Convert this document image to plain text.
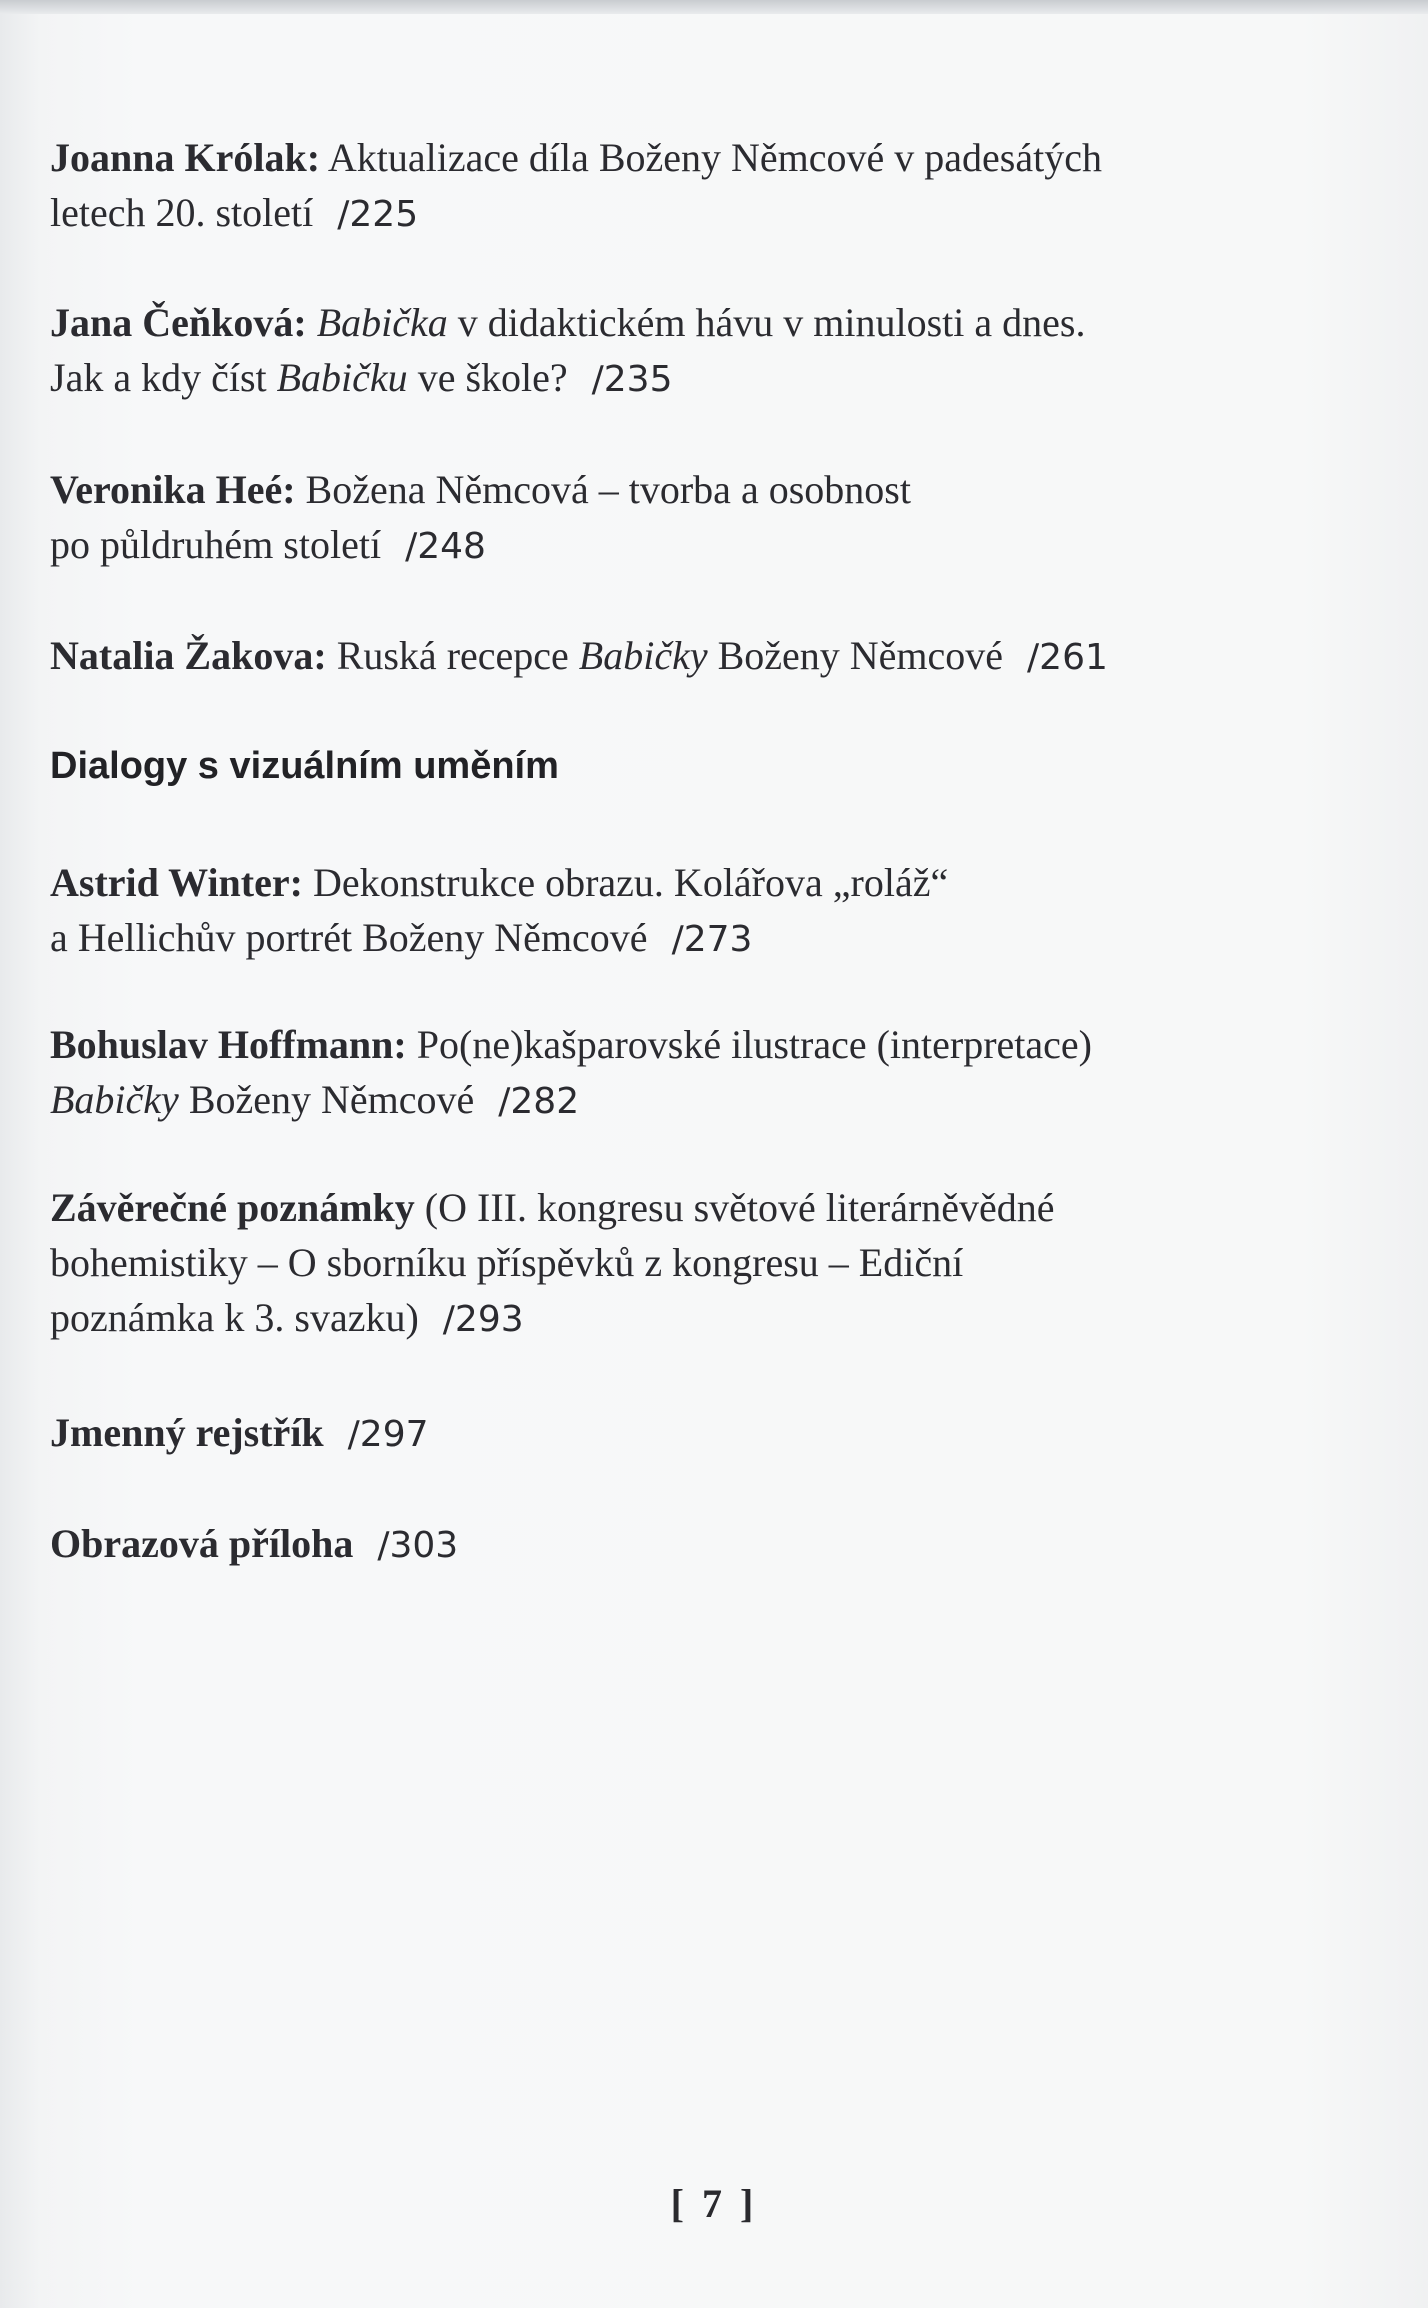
Joanna Królak: Aktualizace díla Boženy Němcové v padesátých
letech 20. století /225
Jana Čeňková: Babička v didaktickém hávu v minulosti a dnes.
Jak a kdy číst Babičku ve škole? /235
Veronika Heé: Božena Němcová – tvorba a osobnost
po půldruhém století /248
Natalia Žakova: Ruská recepce Babičky Boženy Němcové /261
Dialogy s vizuálním uměním
Astrid Winter: Dekonstrukce obrazu. Kolářova „roláž“
a Hellichův portrét Boženy Němcové /273
Bohuslav Hoffmann: Po(ne)kašparovské ilustrace (interpretace)
Babičky Boženy Němcové /282
Závěrečné poznámky (O III. kongresu světové literárněvědné
bohemistiky – O sborníku příspěvků z kongresu – Ediční
poznámka k 3. svazku) /293
Jmenný rejstřík /297
Obrazová příloha /303
[ 7 ]
